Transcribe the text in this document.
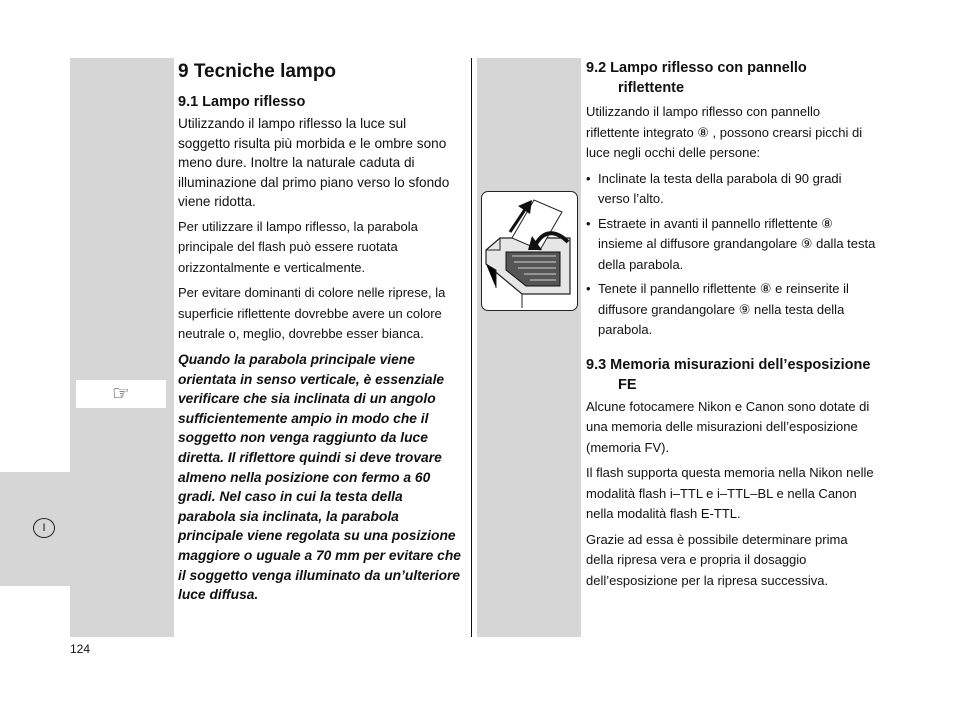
I
☞
9 Tecniche lampo
9.1 Lampo riflesso

Utilizzando il lampo riflesso la luce sul soggetto risulta più morbida e le ombre sono meno dure. Inoltre la naturale caduta di illuminazione dal primo piano verso lo sfondo viene ridotta.

Per utilizzare il lampo riflesso, la parabola principale del flash può essere ruotata orizzontalmente e verticalmente.

Per evitare dominanti di colore nelle riprese, la superficie riflettente dovrebbe avere un colore neutrale o, meglio, dovrebbe esser bianca.

Quando la parabola principale viene orientata in senso verticale, è essenziale verificare che sia inclinata di un angolo sufficientemente ampio in modo che il soggetto non venga raggiunto da luce diretta. Il riflettore quindi si deve trovare almeno nella posizione con fermo a 60 gradi. Nel caso in cui la testa della parabola sia inclinata, la parabola principale viene regolata su una posizione maggiore o uguale a 70 mm per evitare che il soggetto venga illuminato da un’ulteriore luce diffusa.

9.2 Lampo riflesso con pannello riflettente

Utilizzando il lampo riflesso con pannello riflettente integrato ⑧ , possono crearsi picchi di luce negli occhi delle persone:

• Inclinate la testa della parabola di 90 gradi verso l’alto.
• Estraete in avanti il pannello riflettente ⑧ insieme al diffusore grandangolare ⑨ dalla testa della parabola.
• Tenete il pannello riflettente ⑧ e reinserite il diffusore grandangolare ⑨ nella testa della parabola.
9.3 Memoria misurazioni dell’esposizione FE

Alcune fotocamere Nikon e Canon sono dotate di una memoria delle misurazioni dell’esposizione (memoria FV).

Il flash supporta questa memoria nella Nikon nelle modalità flash i–TTL e i–TTL–BL e nella Canon nella modalità flash E-TTL.

Grazie ad essa è possibile determinare prima della ripresa vera e propria il dosaggio dell’esposizione per la ripresa successiva.

124
